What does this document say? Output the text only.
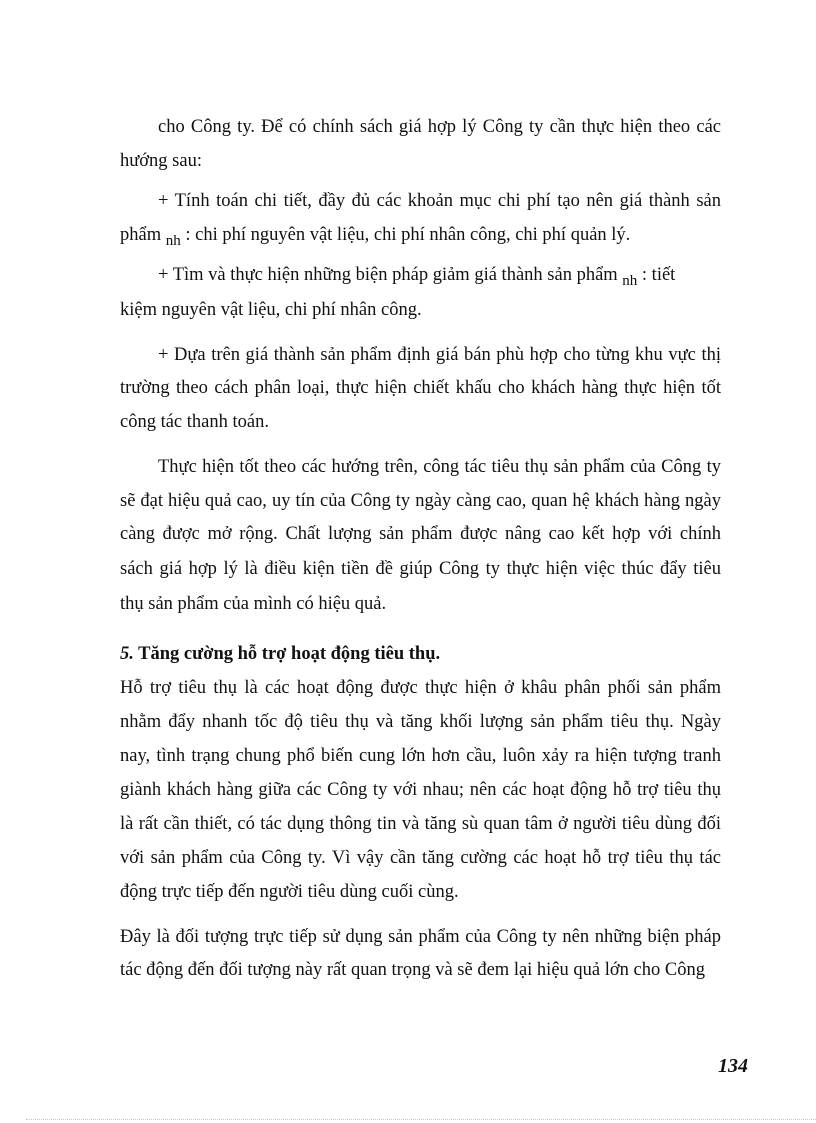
cho Công ty. Để có chính sách giá hợp lý Công ty cần thực hiện theo các

hướng sau:

+ Tính toán chi tiết, đầy đủ các khoản mục chi phí tạo nên giá thành sản

phẩm $_{nh}$ : chi phí nguyên vật liệu, chi phí nhân công, chi phí quản lý.

+ Tìm và thực hiện những biện pháp giảm giá thành sản phẩm $_{nh}$ : tiết

kiệm nguyên vật liệu, chi phí nhân công.

+ Dựa trên giá thành sản phẩm định giá bán phù hợp cho từng khu vực thị

trường theo cách phân loại, thực hiện chiết khấu cho khách hàng thực hiện tốt

công tác thanh toán.

Thực hiện tốt theo các hướng trên, công tác tiêu thụ sản phẩm của Công ty

sẽ đạt hiệu quả cao, uy tín của Công ty ngày càng cao, quan hệ khách hàng ngày

càng được mở rộng. Chất lượng sản phẩm được nâng cao kết hợp với chính

sách giá hợp lý là điều kiện tiền đề giúp Công ty thực hiện việc thúc đẩy tiêu

thụ sản phẩm của mình có hiệu quả.

5. Tăng cường hỗ trợ hoạt động tiêu thụ.

Hỗ trợ tiêu thụ là các hoạt động được thực hiện ở khâu phân phối sản phẩm

nhằm đẩy nhanh tốc độ tiêu thụ và tăng khối lượng sản phẩm tiêu thụ. Ngày

nay, tình trạng chung phổ biến cung lớn hơn cầu, luôn xảy ra hiện tượng tranh

giành khách hàng giữa các Công ty với nhau; nên các hoạt động hỗ trợ tiêu thụ

là rất cần thiết, có tác dụng thông tin và tăng sù quan tâm ở người tiêu dùng đối

với sản phẩm của Công ty. Vì vậy cần tăng cường các hoạt hỗ trợ tiêu thụ tác

động trực tiếp đến người tiêu dùng cuối cùng.

Đây là đối tượng trực tiếp sử dụng sản phẩm của Công ty nên những biện pháp

tác động đến đối tượng này rất quan trọng và sẽ đem lại hiệu quả lớn cho Công

134
